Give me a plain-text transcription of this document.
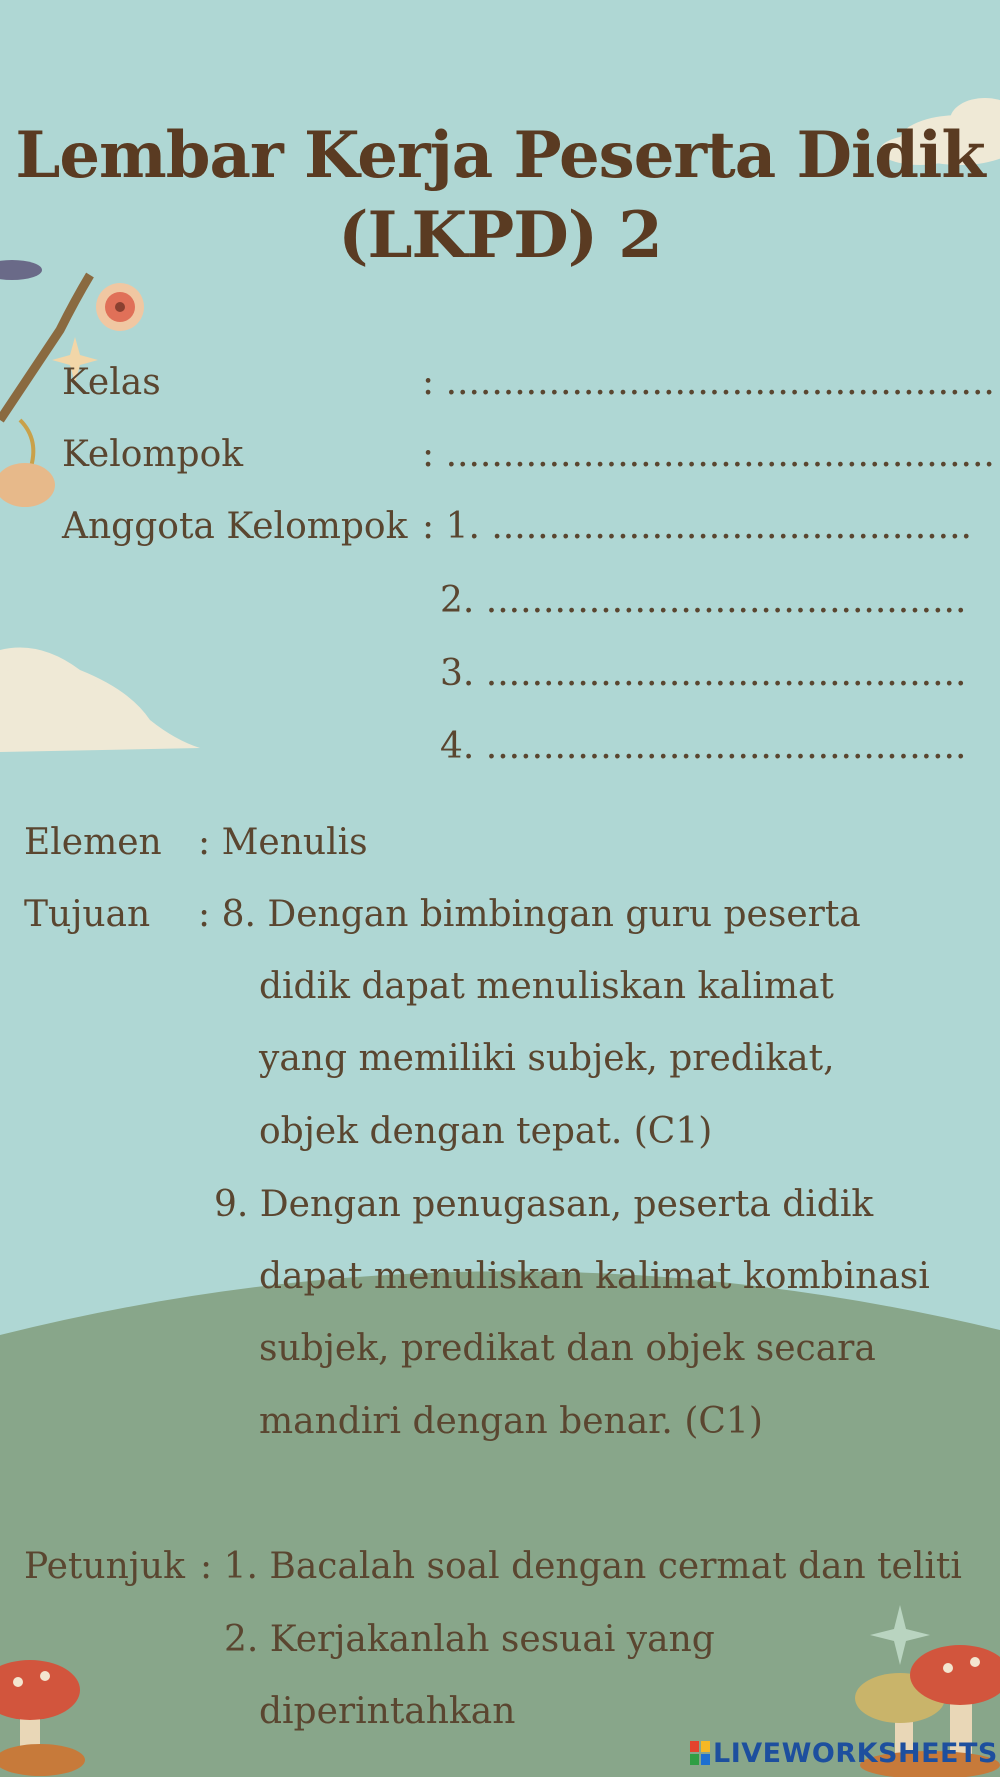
Lembar Kerja Peserta Didik
(LKPD) 2
Kelas	: ................................................
Kelompok	: ................................................
Anggota Kelompok : 1. ..........................................
2. ..........................................
3. ..........................................
4. ..........................................
Elemen : Menulis
Tujuan : 8. Dengan bimbingan guru peserta
didik dapat menuliskan kalimat
yang memiliki subjek, predikat,
objek dengan tepat. (C1)
9. Dengan penugasan, peserta didik
dapat menuliskan kalimat kombinasi
subjek, predikat dan objek secara
mandiri dengan benar. (C1)
Petunjuk : 1. Bacalah soal dengan cermat dan teliti
2. Kerjakanlah sesuai yang
diperintahkan
LIVEWORKSHEETS
